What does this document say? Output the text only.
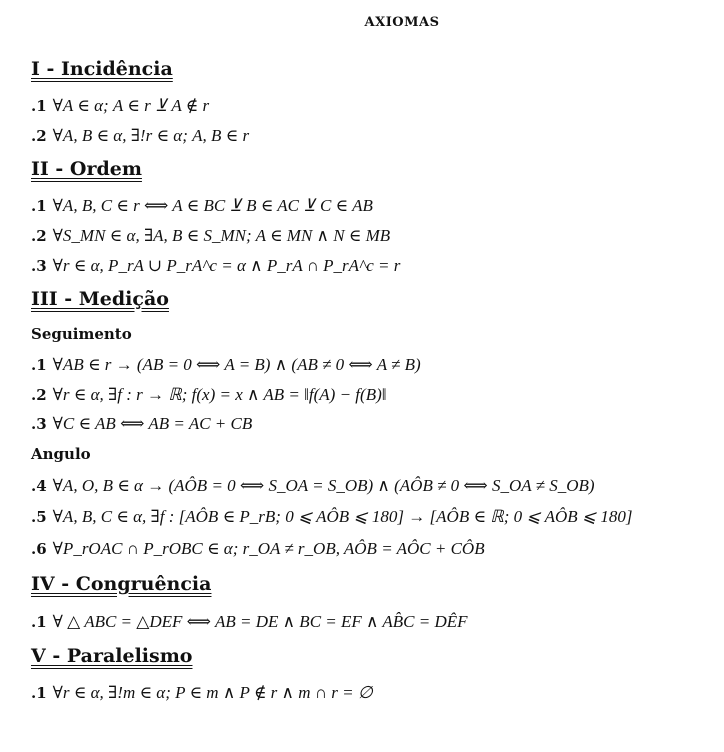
AXIOMAS
I - Incidência
.1 ∀A ∈ α; A ∈ r ⊻ A ∉ r
.2 ∀A, B ∈ α, ∃!r ∈ α; A, B ∈ r
II - Ordem
.1 ∀A, B, C ∈ r ⟺ A ∈ BC ⊻ B ∈ AC ⊻ C ∈ AB
.2 ∀S_MN ∈ α, ∃A, B ∈ S_MN; A ∈ MN ∧ N ∈ MB
.3 ∀r ∈ α, P_rA ∪ P_rA^c = α ∧ P_rA ∩ P_rA^c = r
III - Medição
Seguimento
.1 ∀AB ∈ r → (AB = 0 ⟺ A = B) ∧ (AB ≠ 0 ⟺ A ≠ B)
.2 ∀r ∈ α, ∃f : r → ℝ; f(x) = x ∧ AB = ‖f(A) − f(B)‖
.3 ∀C ∈ AB ⟺ AB = AC + CB
Angulo
.4 ∀A, O, B ∈ α → (AÔB = 0 ⟺ S_OA = S_OB) ∧ (AÔB ≠ 0 ⟺ S_OA ≠ S_OB)
.5 ∀A, B, C ∈ α, ∃f : [AÔB ∈ P_rB; 0 ⩽ AÔB ⩽ 180] → [AÔB ∈ ℝ; 0 ⩽ AÔB ⩽ 180]
.6 ∀P_rOAC ∩ P_rOBC ∈ α; r_OA ≠ r_OB, AÔB = AÔC + CÔB
IV - Congruência
.1 ∀ △ ABC = △DEF ⟺ AB = DE ∧ BC = EF ∧ AB̂C = DÊF
V - Paralelismo
.1 ∀r ∈ α, ∃!m ∈ α; P ∈ m ∧ P ∉ r ∧ m ∩ r = ∅
